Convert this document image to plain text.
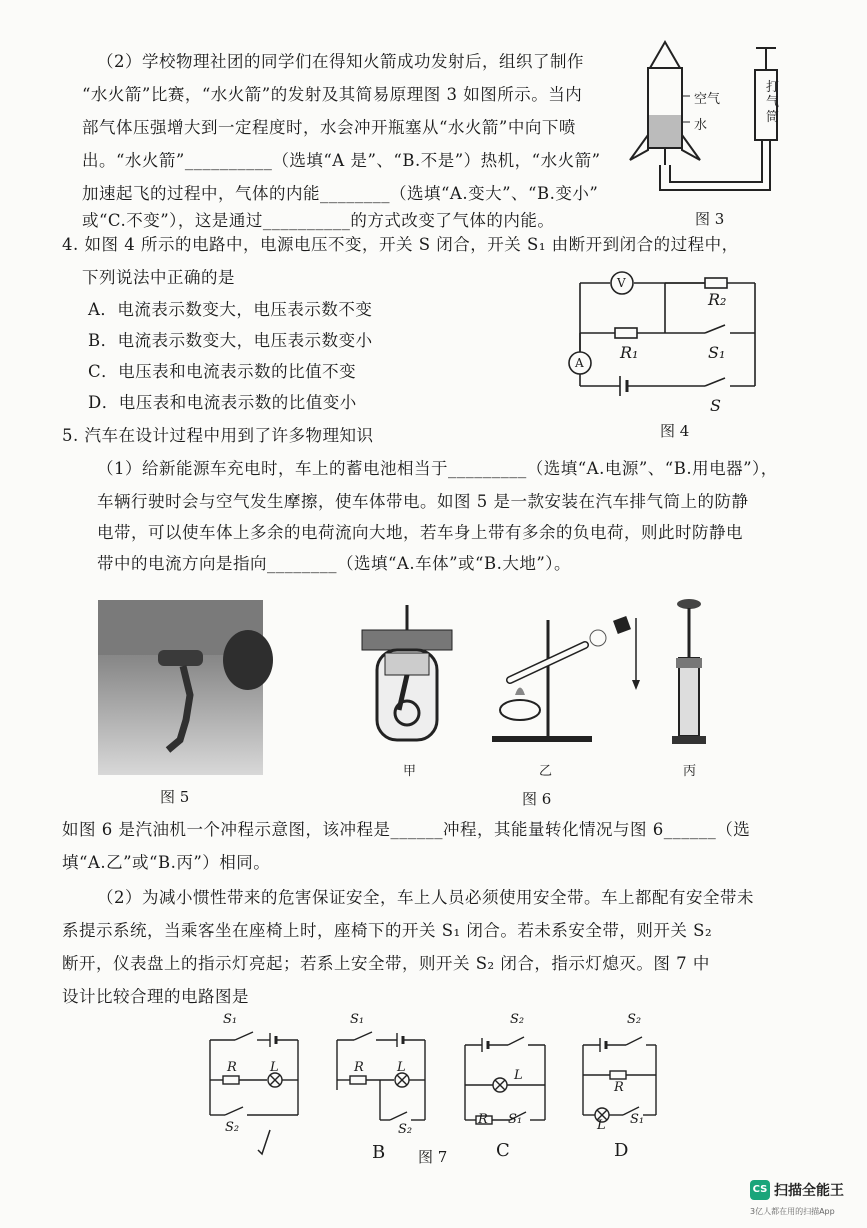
（2）学校物理社团的同学们在得知火箭成功发射后，组织了制作
“水火箭”比赛，“水火箭”的发射及其简易原理图 3 如图所示。当内
部气体压强增大到一定程度时，水会冲开瓶塞从“水火箭”中向下喷
出。“水火箭”__________（选填“A 是”、“B.不是”）热机，“水火箭”
加速起飞的过程中，气体的内能________（选填“A.变大”、“B.变小”
或“C.不变”），这是通过__________的方式改变了气体的内能。
空气
水
打气筒
图 3
4. 如图 4 所示的电路中，电源电压不变，开关 S 闭合，开关 S₁ 由断开到闭合的过程中，
下列说法中正确的是
A．电流表示数变大，电压表示数不变
B．电流表示数变大，电压表示数变小
C．电压表和电流表示数的比值不变
D．电压表和电流表示数的比值变小
V
A
R₂
R₁	S₁
S
图 4
5. 汽车在设计过程中用到了许多物理知识
（1）给新能源车充电时，车上的蓄电池相当于_________（选填“A.电源”、“B.用电器”），
车辆行驶时会与空气发生摩擦，使车体带电。如图 5 是一款安装在汽车排气筒上的防静
电带，可以使车体上多余的电荷流向大地，若车身上带有多余的负电荷，则此时防静电
带中的电流方向是指向________（选填“A.车体”或“B.大地”）。
图 5
甲	乙	丙
图 6
如图 6 是汽油机一个冲程示意图，该冲程是______冲程，其能量转化情况与图 6______（选
填“A.乙”或“B.丙”）相同。
（2）为减小惯性带来的危害保证安全，车上人员必须使用安全带。车上都配有安全带未
系提示系统，当乘客坐在座椅上时，座椅下的开关 S₁ 闭合。若未系安全带，则开关 S₂
断开，仪表盘上的指示灯亮起；若系上安全带，则开关 S₂ 闭合，指示灯熄灭。图 7 中
设计比较合理的电路图是
S₁
R	L
S₂
S₁
R	L
S₂
S₂
L
R S₁
S₂
R
L S₁
B 图 7	C	D
CS 扫描全能王
3亿人都在用的扫描App
